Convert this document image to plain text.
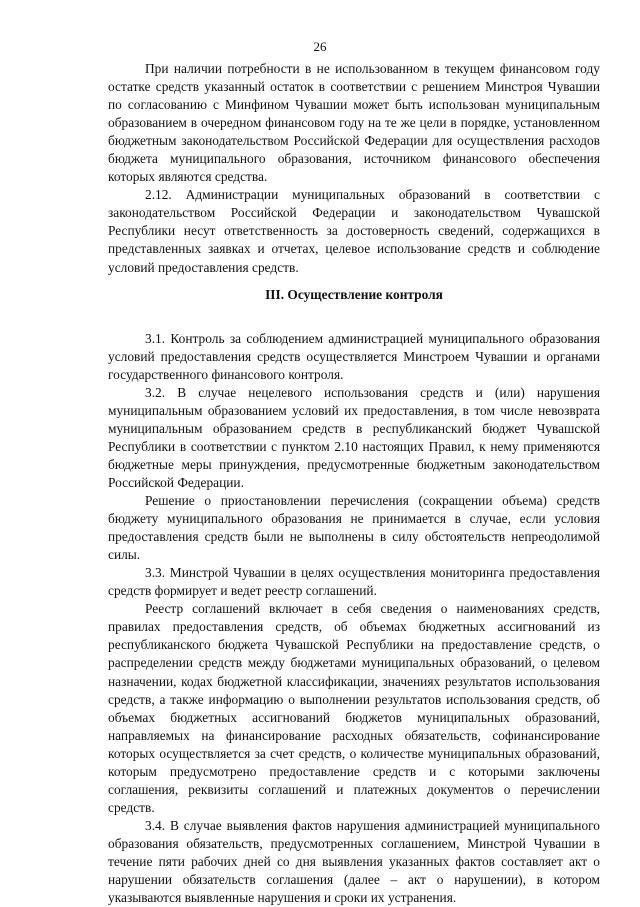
26

При наличии потребности в не использованном в текущем финансовом году остатке средств указанный остаток в соответствии с решением Минстроя Чувашии по согласованию с Минфином Чувашии может быть использован муниципальным образованием в очередном финансовом году на те же цели в порядке, установленном бюджетным законодательством Российской Федерации для осуществления расходов бюджета муниципального образования, источником финансового обеспечения которых являются средства.

2.12. Администрации муниципальных образований в соответствии с законодательством Российской Федерации и законодательством Чувашской Республики несут ответственность за достоверность сведений, содержащихся в представленных заявках и отчетах, целевое использование средств и соблюдение условий предоставления средств.

III. Осуществление контроля

3.1. Контроль за соблюдением администрацией муниципального образования условий предоставления средств осуществляется Минстроем Чувашии и органами государственного финансового контроля.

3.2. В случае нецелевого использования средств и (или) нарушения муниципальным образованием условий их предоставления, в том числе невозврата муниципальным образованием средств в республиканский бюджет Чувашской Республики в соответствии с пунктом 2.10 настоящих Правил, к нему применяются бюджетные меры принуждения, предусмотренные бюджетным законодательством Российской Федерации.

Решение о приостановлении перечисления (сокращении объема) средств бюджету муниципального образования не принимается в случае, если условия предоставления средств были не выполнены в силу обстоятельств непреодолимой силы.

3.3. Минстрой Чувашии в целях осуществления мониторинга предоставления средств формирует и ведет реестр соглашений.

Реестр соглашений включает в себя сведения о наименованиях средств, правилах предоставления средств, об объемах бюджетных ассигнований из республиканского бюджета Чувашской Республики на предоставление средств, о распределении средств между бюджетами муниципальных образований, о целевом назначении, кодах бюджетной классификации, значениях результатов использования средств, а также информацию о выполнении результатов использования средств, об объемах бюджетных ассигнований бюджетов муниципальных образований, направляемых на финансирование расходных обязательств, софинансирование которых осуществляется за счет средств, о количестве муниципальных образований, которым предусмотрено предоставление средств и с которыми заключены соглашения, реквизиты соглашений и платежных документов о перечислении средств.

3.4. В случае выявления фактов нарушения администрацией муниципального образования обязательств, предусмотренных соглашением, Минстрой Чувашии в течение пяти рабочих дней со дня выявления указанных фактов составляет акт о нарушении обязательств соглашения (далее – акт о нарушении), в котором указываются выявленные нарушения и сроки их устранения.
